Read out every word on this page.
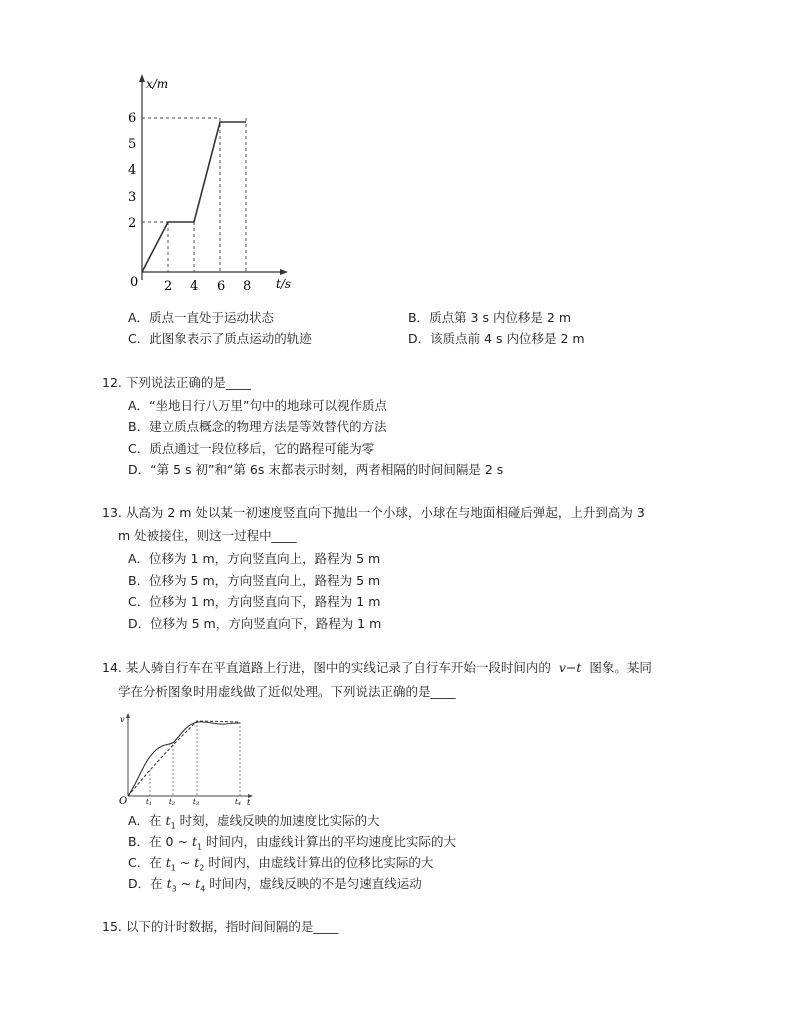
x/m
t/s
0
2
3
4
5
6
2 4 6 8
A．质点一直处于运动状态	B．质点第 3 s 内位移是 2 m
C．此图象表示了质点运动的轨迹	D．该质点前 4 s 内位移是 2 m
12. 下列说法正确的是____
A．“坐地日行八万里”句中的地球可以视作质点
B．建立质点概念的物理方法是等效替代的方法
C．质点通过一段位移后，它的路程可能为零
D．“第 5 s 初”和“第 6s 末都表示时刻，两者相隔的时间间隔是 2 s
13. 从高为 2 m 处以某一初速度竖直向下抛出一个小球，小球在与地面相碰后弹起，上升到高为 3
m 处被接住，则这一过程中____
A．位移为 1 m，方向竖直向上，路程为 5 m
B．位移为 5 m，方向竖直向上，路程为 5 m
C．位移为 1 m，方向竖直向下，路程为 1 m
D．位移为 5 m，方向竖直向下，路程为 1 m
14. 某人骑自行车在平直道路上行进，图中的实线记录了自行车开始一段时间内的 v−t 图象。某同
学在分析图象时用虚线做了近似处理。下列说法正确的是____
v
t
O	t1 t2	t3	t4
A．在 $t_1$ 时刻，虚线反映的加速度比实际的大
B．在 0 ~ $t_1$ 时间内，由虚线计算出的平均速度比实际的大
C．在 $t_1$ ~ $t_2$ 时间内，由虚线计算出的位移比实际的大
D．在 $t_3$ ~ $t_4$ 时间内，虚线反映的不是匀速直线运动
15. 以下的计时数据，指时间间隔的是____
